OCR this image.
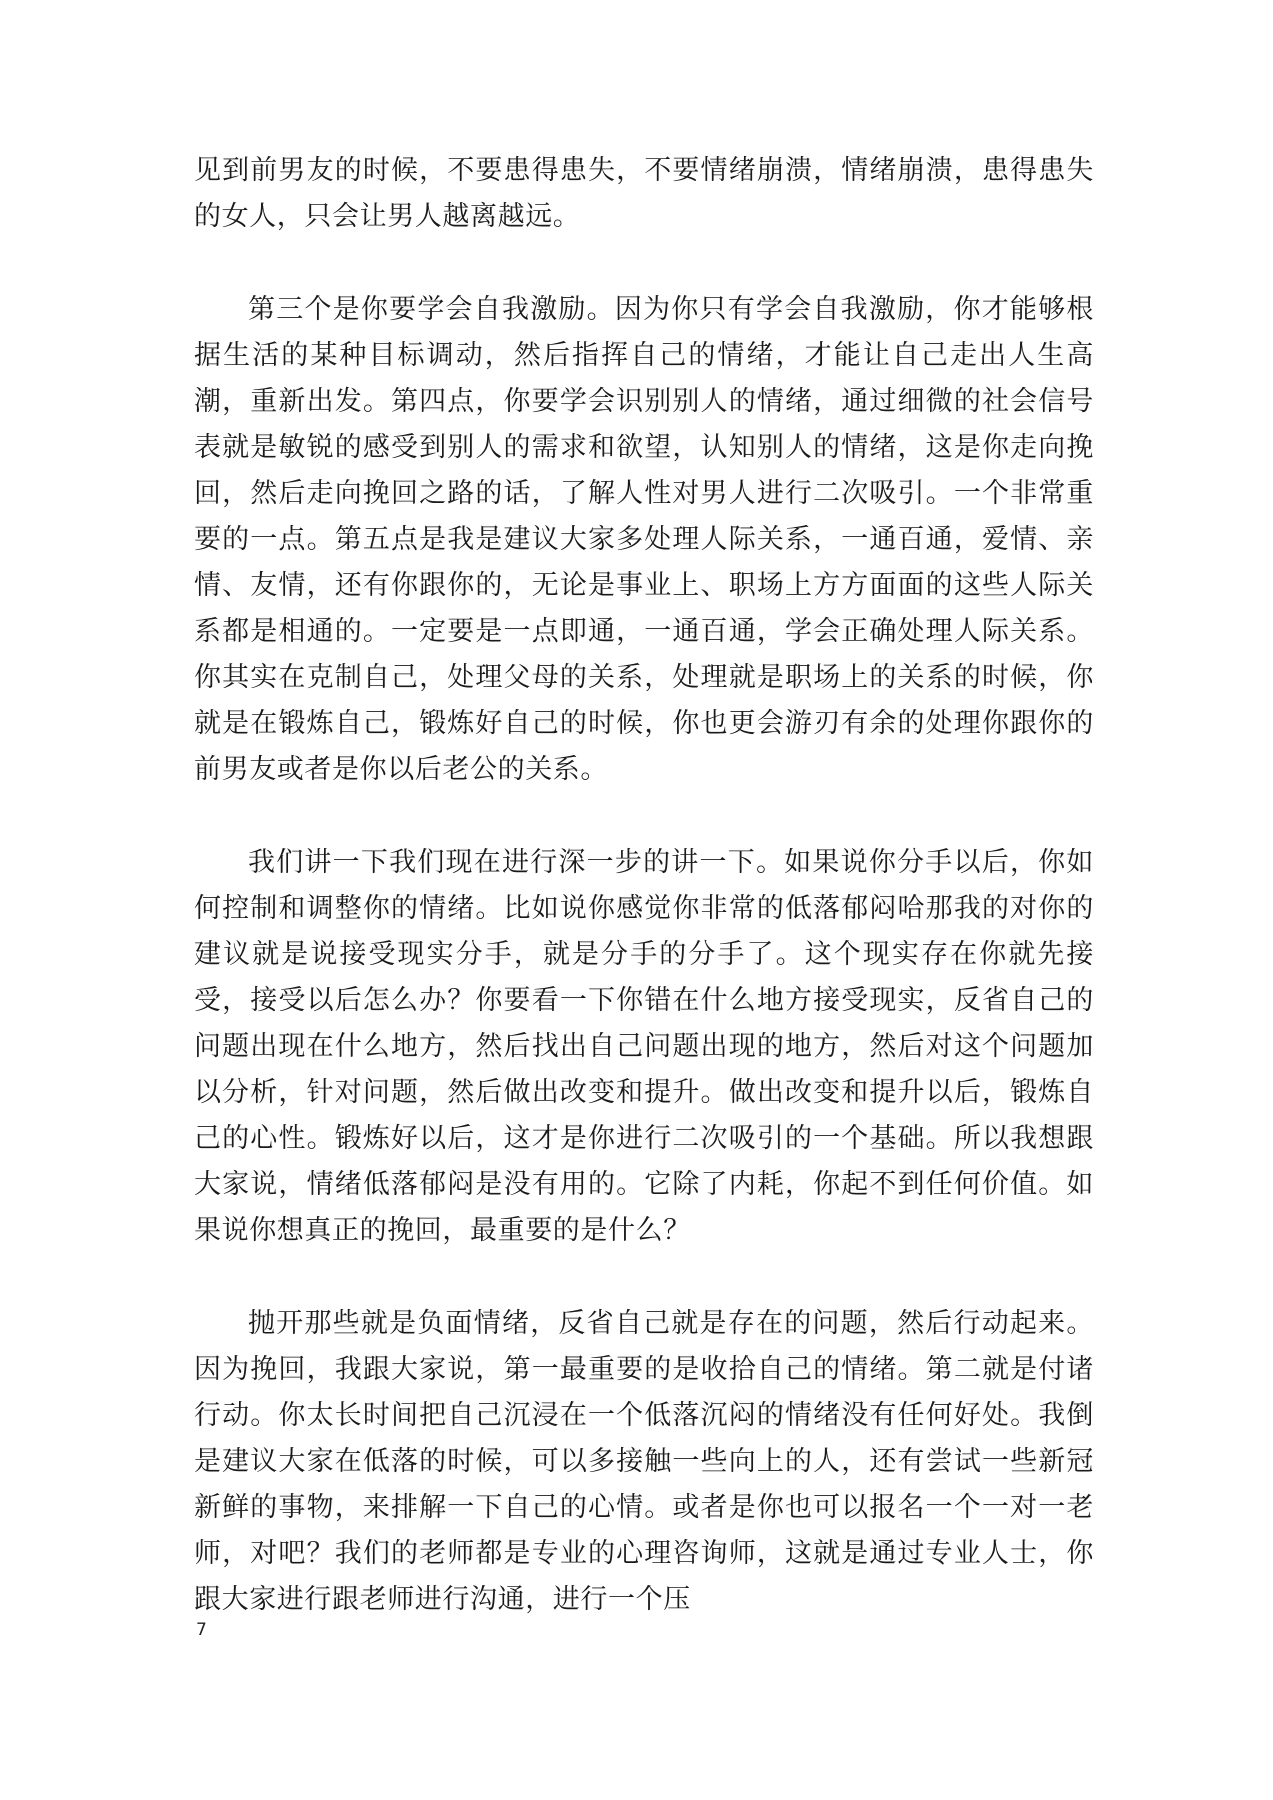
见到前男友的时候，不要患得患失，不要情绪崩溃，情绪崩溃，患得患失的女人，只会让男人越离越远。

第三个是你要学会自我激励。因为你只有学会自我激励，你才能够根据生活的某种目标调动，然后指挥自己的情绪，才能让自己走出人生高潮，重新出发。第四点，你要学会识别别人的情绪，通过细微的社会信号表就是敏锐的感受到别人的需求和欲望，认知别人的情绪，这是你走向挽回，然后走向挽回之路的话，了解人性对男人进行二次吸引。一个非常重要的一点。第五点是我是建议大家多处理人际关系，一通百通，爱情、亲情、友情，还有你跟你的，无论是事业上、职场上方方面面的这些人际关系都是相通的。一定要是一点即通，一通百通，学会正确处理人际关系。你其实在克制自己，处理父母的关系，处理就是职场上的关系的时候，你就是在锻炼自己，锻炼好自己的时候，你也更会游刃有余的处理你跟你的前男友或者是你以后老公的关系。

我们讲一下我们现在进行深一步的讲一下。如果说你分手以后，你如何控制和调整你的情绪。比如说你感觉你非常的低落郁闷哈那我的对你的建议就是说接受现实分手，就是分手的分手了。这个现实存在你就先接受，接受以后怎么办？你要看一下你错在什么地方接受现实，反省自己的问题出现在什么地方，然后找出自己问题出现的地方，然后对这个问题加以分析，针对问题，然后做出改变和提升。做出改变和提升以后，锻炼自己的心性。锻炼好以后，这才是你进行二次吸引的一个基础。所以我想跟大家说，情绪低落郁闷是没有用的。它除了内耗，你起不到任何价值。如果说你想真正的挽回，最重要的是什么？

抛开那些就是负面情绪，反省自己就是存在的问题，然后行动起来。因为挽回，我跟大家说，第一最重要的是收拾自己的情绪。第二就是付诸行动。你太长时间把自己沉浸在一个低落沉闷的情绪没有任何好处。我倒是建议大家在低落的时候，可以多接触一些向上的人，还有尝试一些新冠新鲜的事物，来排解一下自己的心情。或者是你也可以报名一个一对一老师，对吧？我们的老师都是专业的心理咨询师，这就是通过专业人士，你跟大家进行跟老师进行沟通，进行一个压

7
